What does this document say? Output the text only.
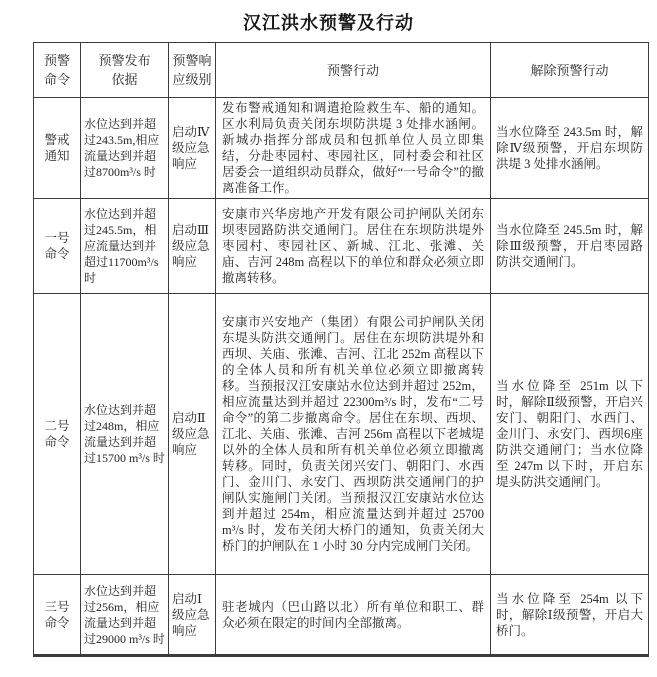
汉江洪水预警及行动
预警命令	预警发布依据	预警响应级别	预警行动	解除预警行动
警戒通知	水位达到并超过243.5m,相应流量达到并超过8700m³/s 时	启动Ⅳ级应急响应	发布警戒通知和调遣抢险救生车、船的通知。区水利局负责关闭东坝防洪堤 3 处排水涵闸。新城办指挥分部成员和包抓单位人员立即集结，分赴枣园村、枣园社区，同村委会和社区居委会一道组织动员群众，做好“一号命令”的撤离准备工作。	当水位降至 243.5m 时，解除Ⅳ级预警，开启东坝防洪堤 3 处排水涵闸。
一号命令	水位达到并超过245.5m，相应流量达到并超过11700m³/s 时	启动Ⅲ级应急响应	安康市兴华房地产开发有限公司护闸队关闭东坝枣园路防洪交通闸门。居住在东坝防洪堤外枣园村、枣园社区、新城、江北、张滩、关庙、吉河 248m 高程以下的单位和群众必须立即撤离转移。	当水位降至 245.5m 时，解除Ⅲ级预警，开启枣园路防洪交通闸门。
二号命令	水位达到并超过248m，相应流量达到并超过15700 m³/s 时	启动Ⅱ级应急响应	安康市兴安地产（集团）有限公司护闸队关闭东堤头防洪交通闸门。居住在东坝防洪堤外和西坝、关庙、张滩、吉河、江北 252m 高程以下的全体人员和所有机关单位必须立即撤离转移。当预报汉江安康站水位达到并超过 252m，相应流量达到并超过 22300m³/s 时，发布“二号命令”的第二步撤离命令。居住在东坝、西坝、江北、关庙、张滩、吉河 256m 高程以下老城堤以外的全体人员和所有机关单位必须立即撤离转移。同时，负责关闭兴安门、朝阳门、水西门、金川门、永安门、西坝防洪交通闸门的护闸队实施闸门关闭。当预报汉江安康站水位达到并超过 254m，相应流量达到并超过 25700 m³/s 时，发布关闭大桥门的通知，负责关闭大桥门的护闸队在 1 小时 30 分内完成闸门关闭。	当水位降至 251m 以下时，解除Ⅱ级预警，开启兴安门、朝阳门、水西门、金川门、永安门、西坝6座防洪交通闸门；当水位降至 247m 以下时，开启东堤头防洪交通闸门。
三号命令	水位达到并超过256m，相应流量达到并超过29000 m³/s 时	启动Ⅰ级应急响应	驻老城内（巴山路以北）所有单位和职工、群众必须在限定的时间内全部撤离。	当水位降至 254m 以下时，解除Ⅰ级预警，开启大桥门。
